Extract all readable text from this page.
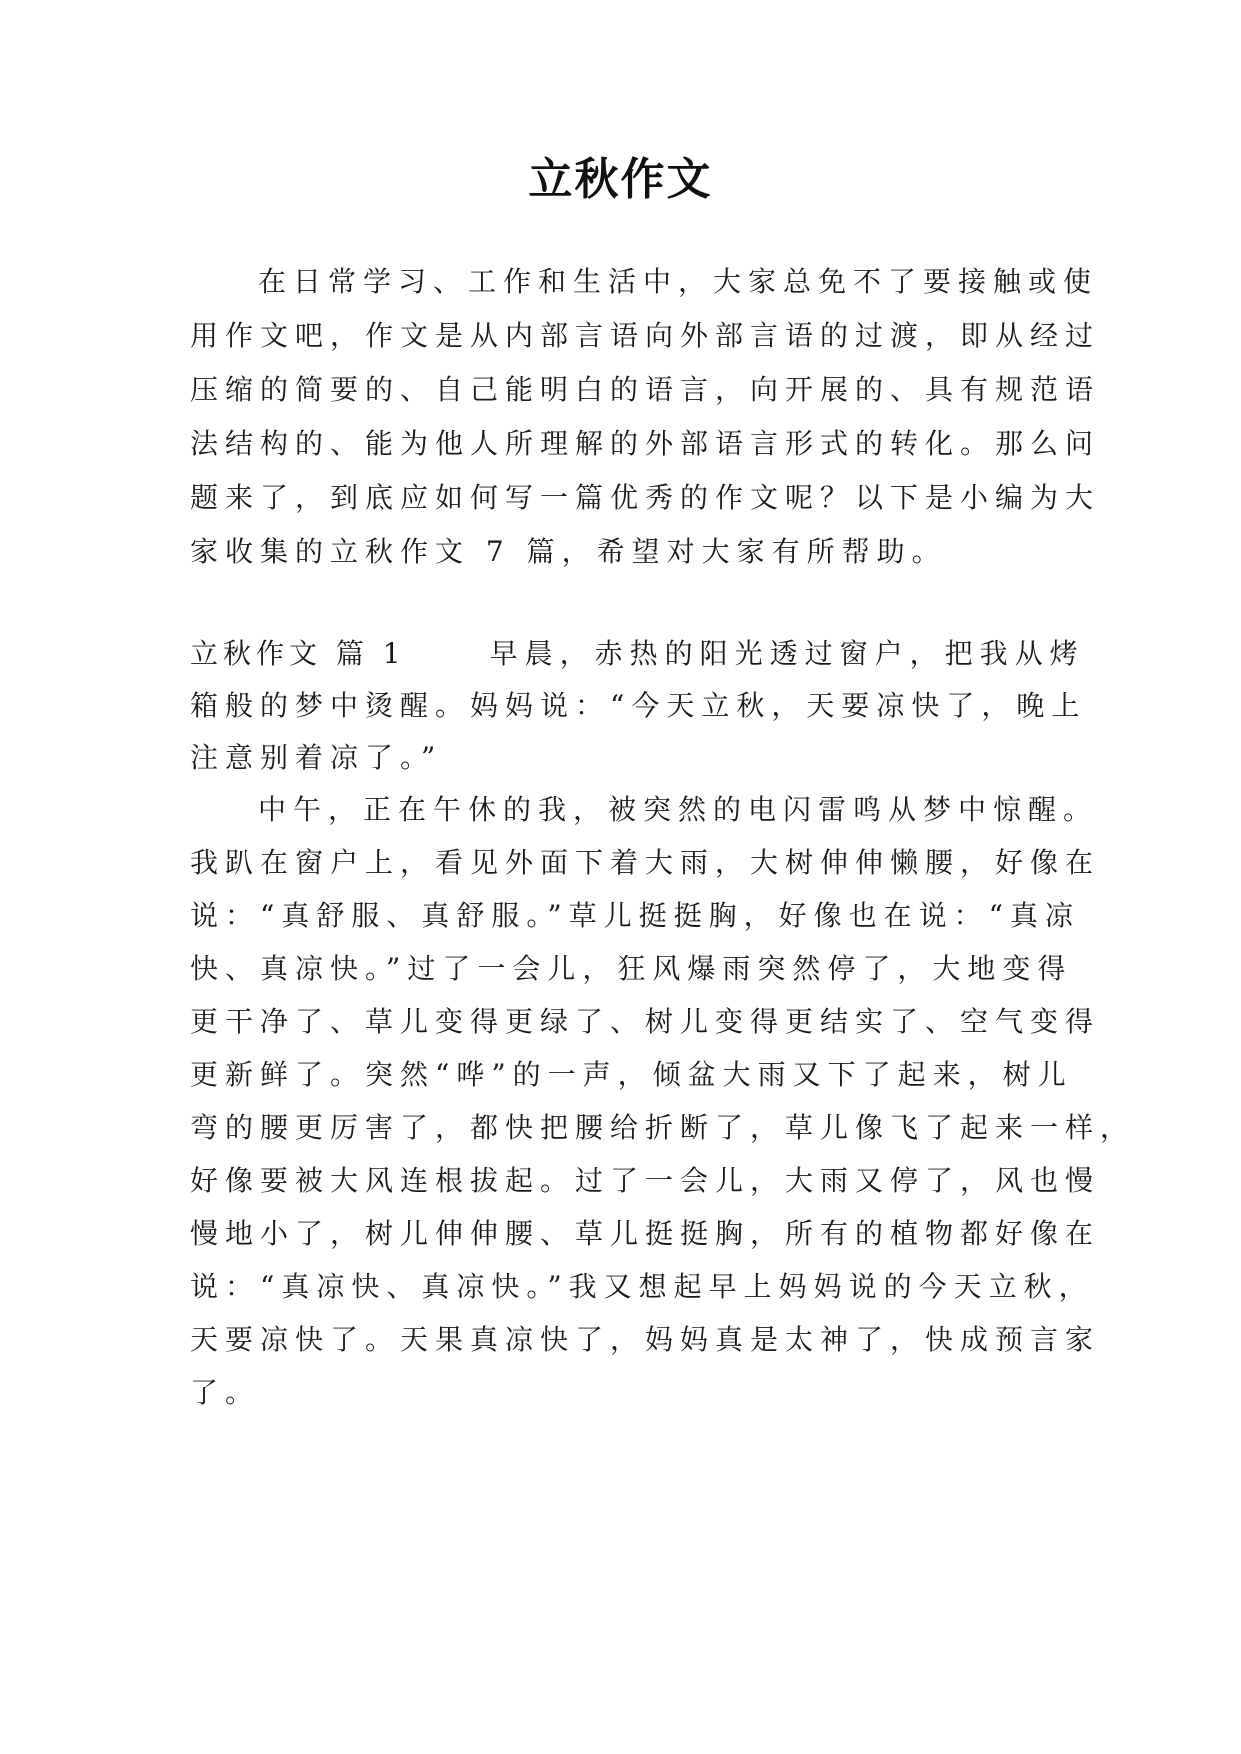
立秋作文
在日常学习、工作和生活中，大家总免不了要接触或使
用作文吧，作文是从内部言语向外部言语的过渡，即从经过
压缩的简要的、自己能明白的语言，向开展的、具有规范语
法结构的、能为他人所理解的外部语言形式的转化。那么问
题来了，到底应如何写一篇优秀的作文呢？以下是小编为大
家收集的立秋作文 7 篇，希望对大家有所帮助。
立秋作文 篇 1	早晨，赤热的阳光透过窗户，把我从烤
箱般的梦中烫醒。妈妈说：“今天立秋，天要凉快了，晚上
注意别着凉了。”
中午，正在午休的我，被突然的电闪雷鸣从梦中惊醒。
我趴在窗户上，看见外面下着大雨，大树伸伸懒腰，好像在
说：“真舒服、真舒服。”草儿挺挺胸，好像也在说：“真凉
快、真凉快。”过了一会儿，狂风爆雨突然停了，大地变得
更干净了、草儿变得更绿了、树儿变得更结实了、空气变得
更新鲜了。突然“哗”的一声，倾盆大雨又下了起来，树儿
弯的腰更厉害了，都快把腰给折断了，草儿像飞了起来一样，
好像要被大风连根拔起。过了一会儿，大雨又停了，风也慢
慢地小了，树儿伸伸腰、草儿挺挺胸，所有的植物都好像在
说：“真凉快、真凉快。”我又想起早上妈妈说的今天立秋，
天要凉快了。天果真凉快了，妈妈真是太神了，快成预言家
了。
